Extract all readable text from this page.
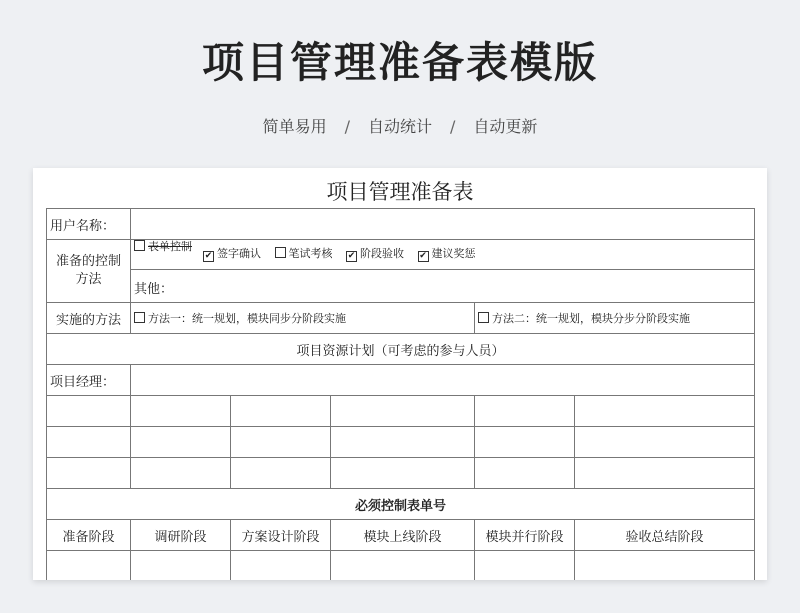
项目管理准备表模版
简单易用 / 自动统计 / 自动更新
项目管理准备表
用户名称：					
准备的控制方法	表单控制
✔ 签字确认 笔试考核 ✔ 阶段验收 ✔ 建议奖惩
其他：				

实施的方法	方法一：统一规划，模块同步分阶段实施			方法二：统一规划，模块分步分阶段实施	
项目资源计划（可考虑的参与人员）					
项目经理：					

必须控制表单号					
准备阶段	调研阶段	方案设计阶段	模块上线阶段	模块并行阶段	验收总结阶段
